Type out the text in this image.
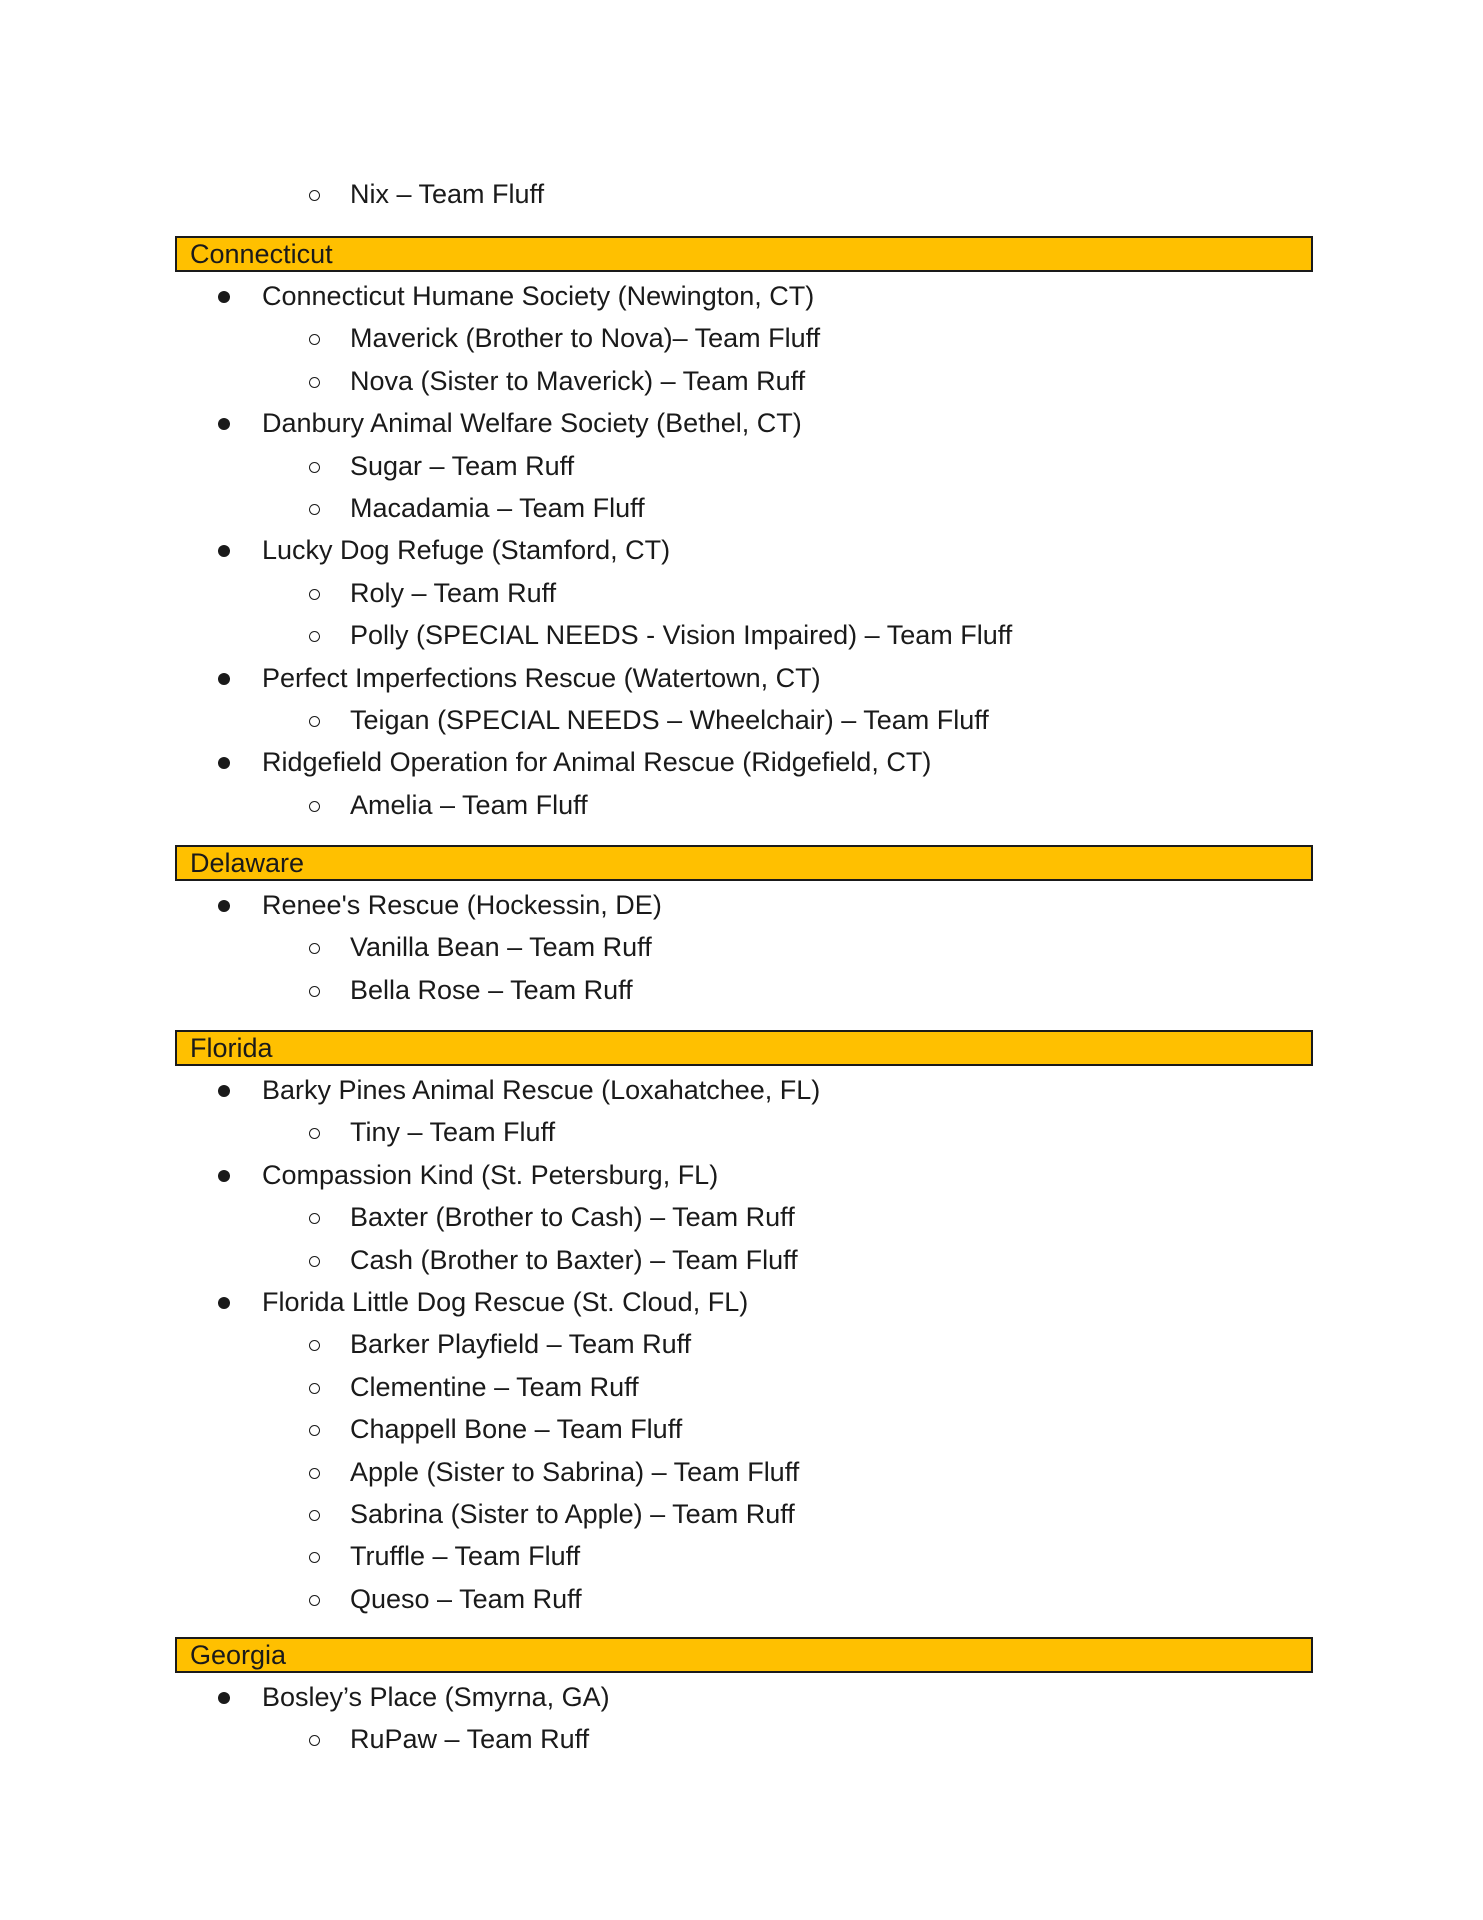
Nix – Team Fluff
Connecticut
Connecticut Humane Society (Newington, CT)
Maverick (Brother to Nova)– Team Fluff
Nova (Sister to Maverick) – Team Ruff
Danbury Animal Welfare Society (Bethel, CT)
Sugar – Team Ruff
Macadamia – Team Fluff
Lucky Dog Refuge (Stamford, CT)
Roly – Team Ruff
Polly (SPECIAL NEEDS - Vision Impaired) – Team Fluff
Perfect Imperfections Rescue (Watertown, CT)
Teigan (SPECIAL NEEDS – Wheelchair) – Team Fluff
Ridgefield Operation for Animal Rescue (Ridgefield, CT)
Amelia – Team Fluff
Delaware
Renee's Rescue (Hockessin, DE)
Vanilla Bean – Team Ruff
Bella Rose – Team Ruff
Florida
Barky Pines Animal Rescue (Loxahatchee, FL)
Tiny – Team Fluff
Compassion Kind (St. Petersburg, FL)
Baxter (Brother to Cash) – Team Ruff
Cash (Brother to Baxter) – Team Fluff
Florida Little Dog Rescue (St. Cloud, FL)
Barker Playfield – Team Ruff
Clementine – Team Ruff
Chappell Bone – Team Fluff
Apple (Sister to Sabrina) – Team Fluff
Sabrina (Sister to Apple) – Team Ruff
Truffle – Team Fluff
Queso – Team Ruff
Georgia
Bosley’s Place (Smyrna, GA)
RuPaw – Team Ruff
